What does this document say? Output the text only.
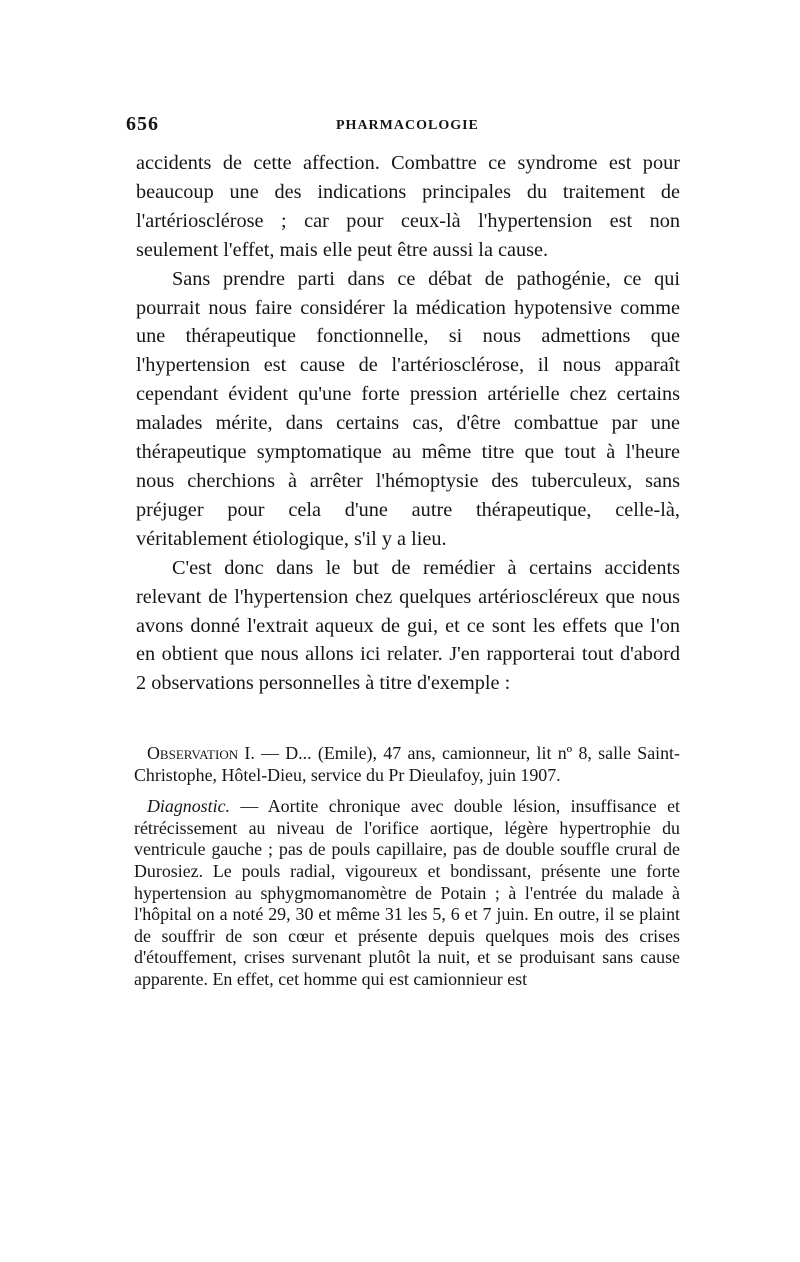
656	PHARMACOLOGIE

accidents de cette affection. Combattre ce syndrome est pour beaucoup une des indications principales du traitement de l'artériosclérose ; car pour ceux-là l'hypertension est non seulement l'effet, mais elle peut être aussi la cause.

Sans prendre parti dans ce débat de pathogénie, ce qui pourrait nous faire considérer la médication hypotensive comme une thérapeutique fonctionnelle, si nous admettions que l'hypertension est cause de l'artériosclérose, il nous apparaît cependant évident qu'une forte pression artérielle chez certains malades mérite, dans certains cas, d'être combattue par une thérapeutique symptomatique au même titre que tout à l'heure nous cherchions à arrêter l'hémoptysie des tuberculeux, sans préjuger pour cela d'une autre thérapeutique, celle-là, véritablement étiologique, s'il y a lieu.

C'est donc dans le but de remédier à certains accidents relevant de l'hypertension chez quelques artérioscléreux que nous avons donné l'extrait aqueux de gui, et ce sont les effets que l'on en obtient que nous allons ici relater. J'en rapporterai tout d'abord 2 observations personnelles à titre d'exemple :

Observation I. — D... (Emile), 47 ans, camionneur, lit nº 8, salle Saint-Christophe, Hôtel-Dieu, service du Pr Dieulafoy, juin 1907.

Diagnostic. — Aortite chronique avec double lésion, insuffisance et rétrécissement au niveau de l'orifice aortique, légère hypertrophie du ventricule gauche ; pas de pouls capillaire, pas de double souffle crural de Durosiez. Le pouls radial, vigoureux et bondissant, présente une forte hypertension au sphygmomanomètre de Potain ; à l'entrée du malade à l'hôpital on a noté 29, 30 et même 31 les 5, 6 et 7 juin. En outre, il se plaint de souffrir de son cœur et présente depuis quelques mois des crises d'étouffement, crises survenant plutôt la nuit, et se produisant sans cause apparente. En effet, cet homme qui est camionnieur est
